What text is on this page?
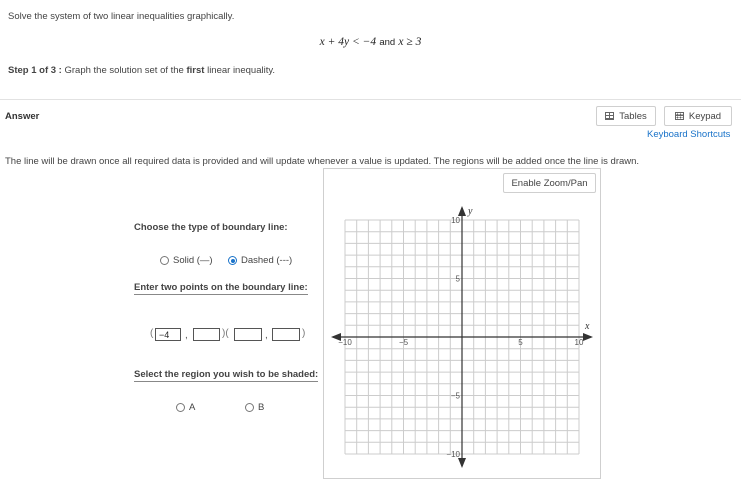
Solve the system of two linear inequalities graphically.
x + 4y < −4 and x ≥ 3
Step 1 of 3 : Graph the solution set of the first linear inequality.
Answer	Tables	Keypad
Keyboard Shortcuts
The line will be drawn once all required data is provided and will update whenever a value is updated. The regions will be added once the line is drawn.
Choose the type of boundary line:
Solid (—)	Dashed (---)
Enter two points on the boundary line:
(
−4	,	)(	,	)
Select the region you wish to be shaded:
A	B
Enable Zoom/Pan
x
y
−10	−5	5	10
10
5
−5
−10
